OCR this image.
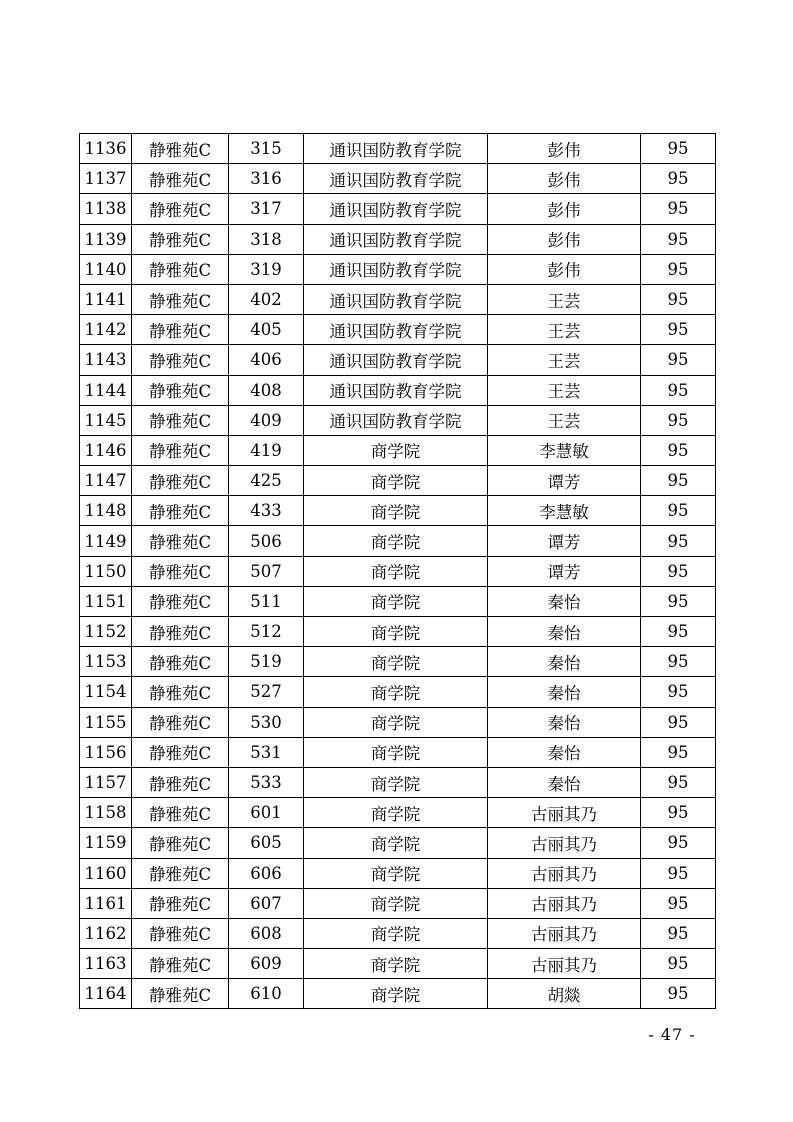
1136	静雅苑C	315	通识国防教育学院	彭伟	95
1137	静雅苑C	316	通识国防教育学院	彭伟	95
1138	静雅苑C	317	通识国防教育学院	彭伟	95
1139	静雅苑C	318	通识国防教育学院	彭伟	95
1140	静雅苑C	319	通识国防教育学院	彭伟	95
1141	静雅苑C	402	通识国防教育学院	王芸	95
1142	静雅苑C	405	通识国防教育学院	王芸	95
1143	静雅苑C	406	通识国防教育学院	王芸	95
1144	静雅苑C	408	通识国防教育学院	王芸	95
1145	静雅苑C	409	通识国防教育学院	王芸	95
1146	静雅苑C	419	商学院	李慧敏	95
1147	静雅苑C	425	商学院	谭芳	95
1148	静雅苑C	433	商学院	李慧敏	95
1149	静雅苑C	506	商学院	谭芳	95
1150	静雅苑C	507	商学院	谭芳	95
1151	静雅苑C	511	商学院	秦怡	95
1152	静雅苑C	512	商学院	秦怡	95
1153	静雅苑C	519	商学院	秦怡	95
1154	静雅苑C	527	商学院	秦怡	95
1155	静雅苑C	530	商学院	秦怡	95
1156	静雅苑C	531	商学院	秦怡	95
1157	静雅苑C	533	商学院	秦怡	95
1158	静雅苑C	601	商学院	古丽其乃	95
1159	静雅苑C	605	商学院	古丽其乃	95
1160	静雅苑C	606	商学院	古丽其乃	95
1161	静雅苑C	607	商学院	古丽其乃	95
1162	静雅苑C	608	商学院	古丽其乃	95
1163	静雅苑C	609	商学院	古丽其乃	95
1164	静雅苑C	610	商学院	胡燚	95
- 47 -
